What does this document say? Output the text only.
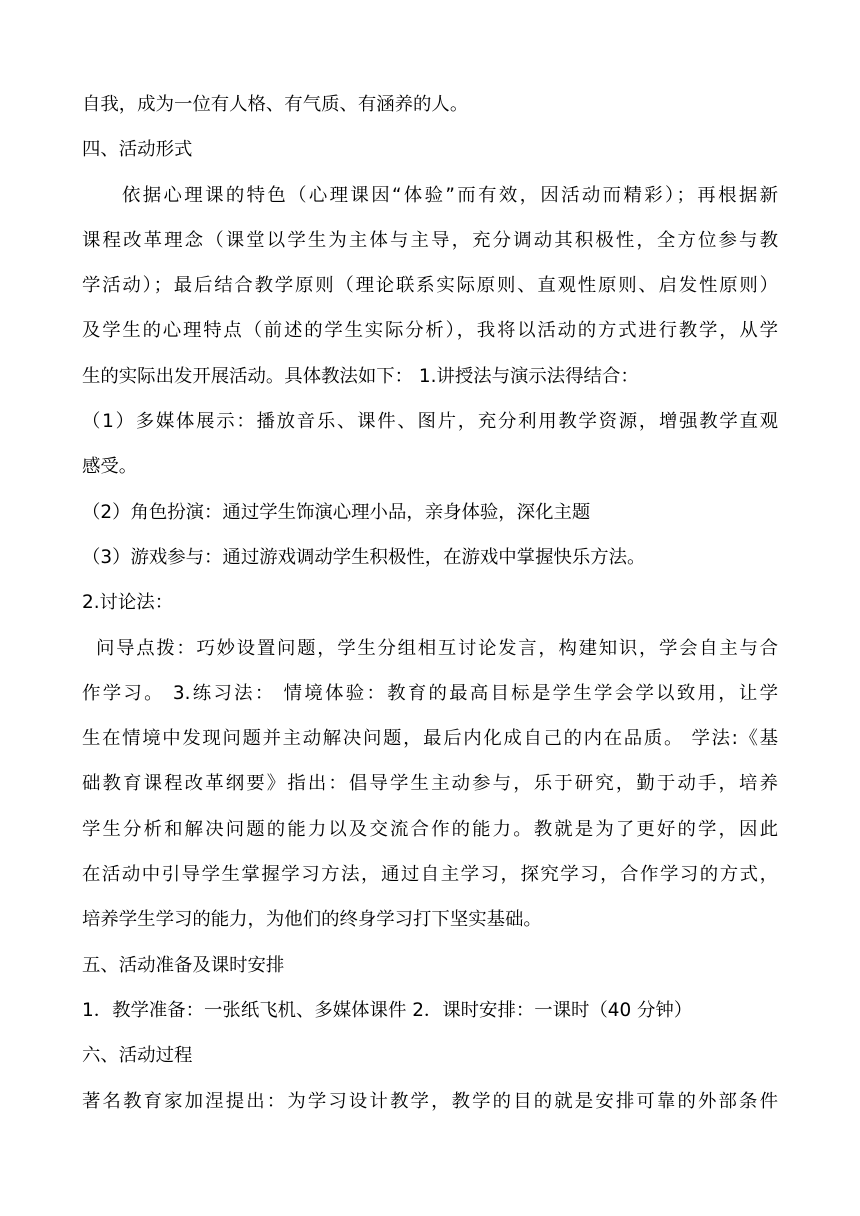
自我，成为一位有人格、有气质、有涵养的人。
四、活动形式
依据心理课的特色（心理课因“体验”而有效，因活动而精彩）；再根据新
课程改革理念（课堂以学生为主体与主导，充分调动其积极性，全方位参与教
学活动）；最后结合教学原则（理论联系实际原则、直观性原则、启发性原则）
及学生的心理特点（前述的学生实际分析），我将以活动的方式进行教学，从学
生的实际出发开展活动。具体教法如下： 1.讲授法与演示法得结合：
（1）多媒体展示：播放音乐、课件、图片，充分利用教学资源，增强教学直观
感受。
（2）角色扮演：通过学生饰演心理小品，亲身体验，深化主题
（3）游戏参与：通过游戏调动学生积极性，在游戏中掌握快乐方法。
2.讨论法：
问导点拨：巧妙设置问题，学生分组相互讨论发言，构建知识，学会自主与合
作学习。 3.练习法： 情境体验：教育的最高目标是学生学会学以致用，让学
生在情境中发现问题并主动解决问题，最后内化成自己的内在品质。 学法:《基
础教育课程改革纲要》指出：倡导学生主动参与，乐于研究，勤于动手，培养
学生分析和解决问题的能力以及交流合作的能力。教就是为了更好的学，因此
在活动中引导学生掌握学习方法，通过自主学习，探究学习，合作学习的方式，
培养学生学习的能力，为他们的终身学习打下坚实基础。
五、活动准备及课时安排
1．教学准备：一张纸飞机、多媒体课件 2．课时安排：一课时（40 分钟）
六、活动过程
著名教育家加涅提出：为学习设计教学，教学的目的就是安排可靠的外部条件
